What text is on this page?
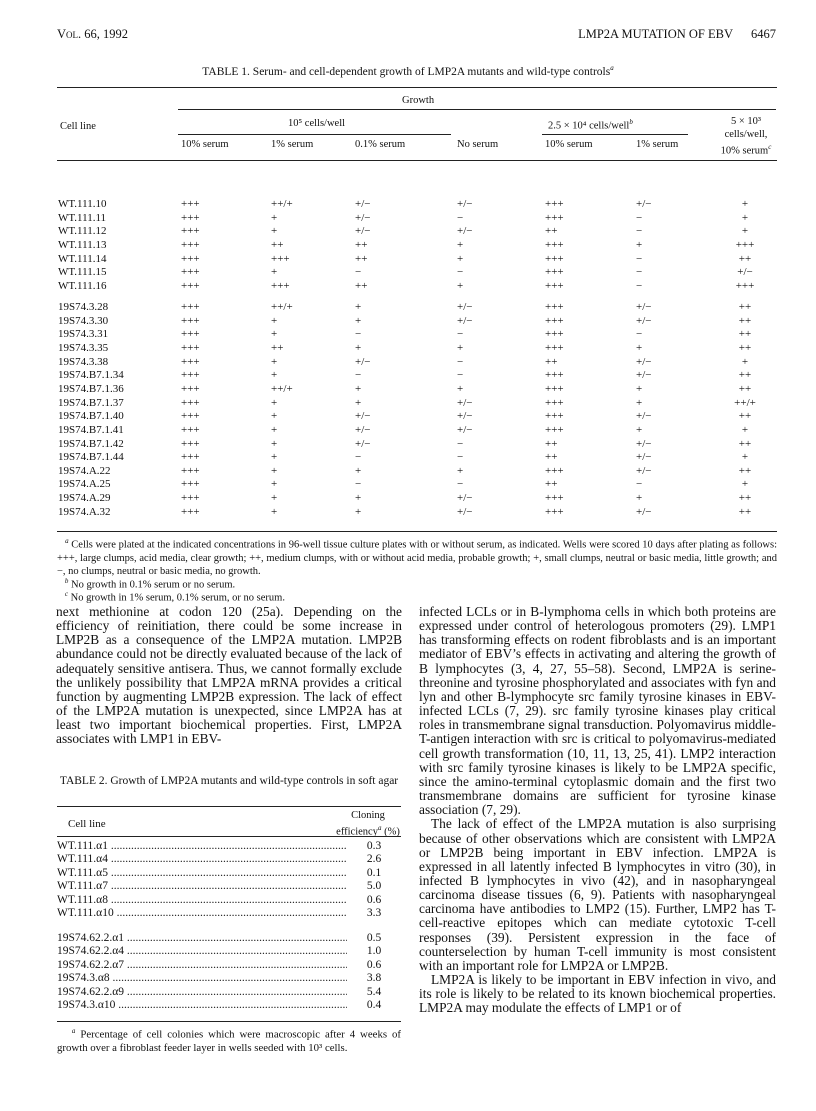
Vol. 66, 1992	LMP2A MUTATION OF EBV 6467
TABLE 1. Serum- and cell-dependent growth of LMP2A mutants and wild-type controls$^a$
Growth
Cell line	10⁵ cells/well	2.5 × 10⁴ cells/well$^b$	5 × 10³
cells/well,
10% serum$^c$
10% serum	1% serum	0.1% serum	No serum	10% serum	1% serum
WT.111.10	+++	++/+	+/−	+/−	+++	+/−	+
WT.111.11	+++	+	+/−	−	+++	−	+
WT.111.12	+++	+	+/−	+/−	++	−	+
WT.111.13	+++	++	++	+	+++	+	+++
WT.111.14	+++	+++	++	+	+++	−	++
WT.111.15	+++	+	−	−	+++	−	+/−
WT.111.16	+++	+++	++	+	+++	−	+++
19S74.3.28	+++	++/+	+	+/−	+++	+/−	++
19S74.3.30	+++	+	+	+/−	+++	+/−	++
19S74.3.31	+++	+	−	−	+++	−	++
19S74.3.35	+++	++	+	+	+++	+	++
19S74.3.38	+++	+	+/−	−	++	+/−	+
19S74.B7.1.34	+++	+	−	−	+++	+/−	++
19S74.B7.1.36	+++	++/+	+	+	+++	+	++
19S74.B7.1.37	+++	+	+	+/−	+++	+	++/+
19S74.B7.1.40	+++	+	+/−	+/−	+++	+/−	++
19S74.B7.1.41	+++	+	+/−	+/−	+++	+	+
19S74.B7.1.42	+++	+	+/−	−	++	+/−	++
19S74.B7.1.44	+++	+	−	−	++	+/−	+
19S74.A.22	+++	+	+	+	+++	+/−	++
19S74.A.25	+++	+	−	−	++	−	+
19S74.A.29	+++	+	+	+/−	+++	+	++
19S74.A.32	+++	+	+	+/−	+++	+/−	++
$^a$ Cells were plated at the indicated concentrations in 96-well tissue culture plates with or without serum, as indicated. Wells were scored 10 days after plating as follows: +++, large clumps, acid media, clear growth; ++, medium clumps, with or without acid media, probable growth; +, small clumps, neutral or basic media, little growth; and −, no clumps, neutral or basic media, no growth.
$^b$ No growth in 0.1% serum or no serum.
$^c$ No growth in 1% serum, 0.1% serum, or no serum.

next methionine at codon 120 (25a). Depending on the efficiency of reinitiation, there could be some increase in LMP2B as a consequence of the LMP2A mutation. LMP2B abundance could not be directly evaluated because of the lack of adequately sensitive antisera. Thus, we cannot formally exclude the unlikely possibility that LMP2A mRNA provides a critical function by augmenting LMP2B expression. The lack of effect of the LMP2A mutation is unexpected, since LMP2A has at least two important biochemical properties. First, LMP2A associates with LMP1 in EBV-

TABLE 2. Growth of LMP2A mutants and wild-type controls in soft agar
Cell line
Cloning
efficiency$^a$ (%)
WT.111.α1 .....	0.3
WT.111.α4 .....	2.6
WT.111.α5 .....	0.1
WT.111.α7 .....	5.0
WT.111.α8 .....	0.6
WT.111.α10 .....	3.3
19S74.62.2.α1 .....	0.5
19S74.62.2.α4 .....	1.0
19S74.62.2.α7 .....	0.6
19S74.3.α8 .....	3.8
19S74.62.2.α9 .....	5.4
19S74.3.α10 .....	0.4
$^a$ Percentage of cell colonies which were macroscopic after 4 weeks of growth over a fibroblast feeder layer in wells seeded with 10³ cells.

infected LCLs or in B-lymphoma cells in which both proteins are expressed under control of heterologous promoters (29). LMP1 has transforming effects on rodent fibroblasts and is an important mediator of EBV’s effects in activating and altering the growth of B lymphocytes (3, 4, 27, 55–58). Second, LMP2A is serine-threonine and tyrosine phosphorylated and associates with fyn and lyn and other B-lymphocyte src family tyrosine kinases in EBV-infected LCLs (7, 29). src family tyrosine kinases play critical roles in transmembrane signal transduction. Polyomavirus middle-T-antigen interaction with src is critical to polyomavirus-mediated cell growth transformation (10, 11, 13, 25, 41). LMP2 interaction with src family tyrosine kinases is likely to be LMP2A specific, since the amino-terminal cytoplasmic domain and the first two transmembrane domains are sufficient for tyrosine kinase association (7, 29).

The lack of effect of the LMP2A mutation is also surprising because of other observations which are consistent with LMP2A or LMP2B being important in EBV infection. LMP2A is expressed in all latently infected B lymphocytes in vitro (30), in infected B lymphocytes in vivo (42), and in nasopharyngeal carcinoma disease tissues (6, 9). Patients with nasopharyngeal carcinoma have antibodies to LMP2 (15). Further, LMP2 has T-cell-reactive epitopes which can mediate cytotoxic T-cell responses (39). Persistent expression in the face of counterselection by human T-cell immunity is most consistent with an important role for LMP2A or LMP2B.

LMP2A is likely to be important in EBV infection in vivo, and its role is likely to be related to its known biochemical properties. LMP2A may modulate the effects of LMP1 or of
